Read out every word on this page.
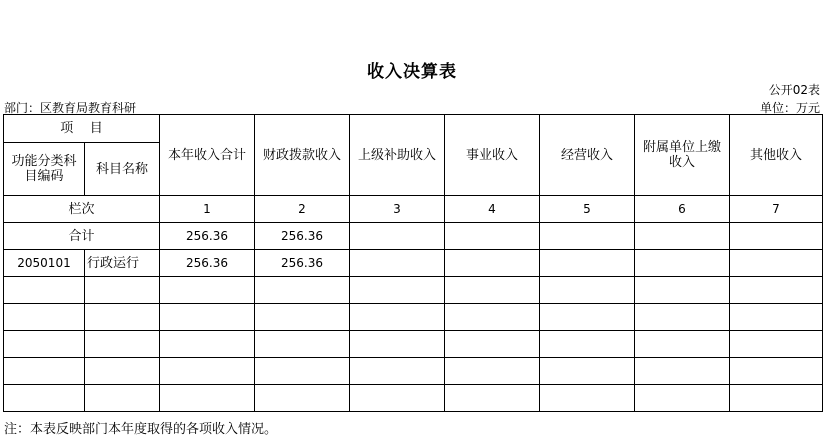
收入决算表
公开02表
部门：区教育局教育科研	单位：万元
项    目		本年收入合计	财政拨款收入	上级补助收入	事业收入	经营收入	附属单位上缴收入	其他收入
功能分类科目编码	科目名称							
栏次		1	2	3	4	5	6	7
合计		256.36	256.36					
2050101	行政运行	256.36	256.36					

注：本表反映部门本年度取得的各项收入情况。
